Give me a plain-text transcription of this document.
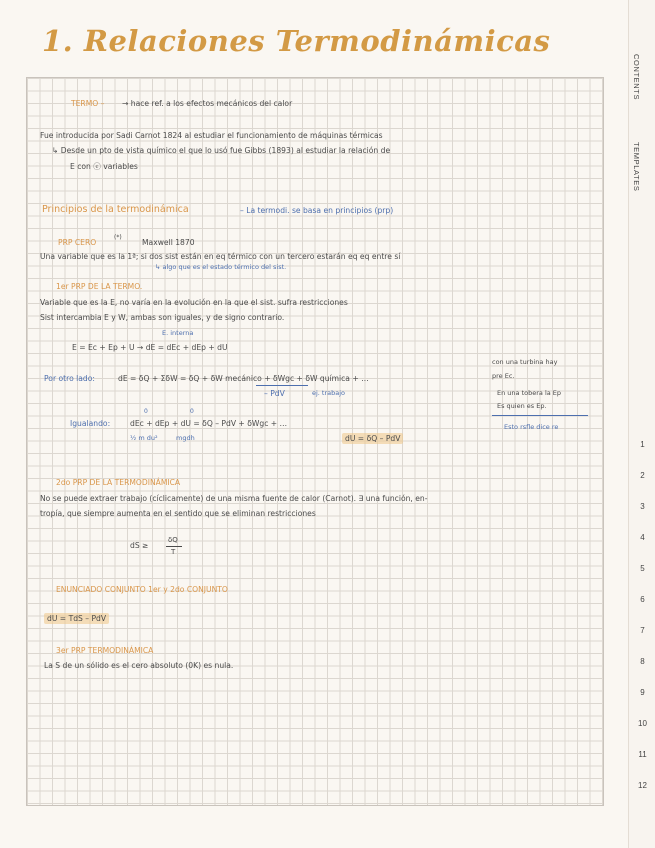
1. Relaciones Termodinámicas
TERMO – → hace ref. a los efectos mecánicos del calor
Fue introducida por Sadi Carnot 1824 al estudiar el funcionamiento de máquinas térmicas
↳ Desde un pto de vista químico el que lo usó fue Gibbs (1893) al estudiar la relación de
E con ⓔ variables
Principios de la termodinámica	– La termodi. se basa en principios (prp)
PRP CERO
(*)
Maxwell 1870
Una variable que es la 1ª; si dos sist están en eq térmico con un tercero estarán eq eq entre sí
↳ algo que es el estado térmico del sist.
1er PRP DE LA TERMO.
Variable que es la E, no varía en la evolución en la que el sist. sufra restricciones
Sist intercambia E y W, ambas son iguales, y de signo contrario.
E. interna
E = Ec + Ep + U → dE = dEc + dEp + dU
Por otro lado:	dE = δQ + ΣδW = δQ + δW mecánico + δWgc + δW química + …
– PdV	ej. trabajo
con una turbina hay
pre Ec.
En una tobera la Ep
Es quien es Ep.
Esto rsfle dice re
Igualando:
0	0
dEc + dEp + dU = δQ – PdV + δWgc + …
½ m du²	mgdh	dU = δQ – PdV
2do PRP DE LA TERMODINÁMICA
No se puede extraer trabajo (cíclicamente) de una misma fuente de calor (Carnot). ∃ una función, en-
tropía, que siempre aumenta en el sentido que se eliminan restricciones
dS ≥
δQ
T
ENUNCIADO CONJUNTO 1er y 2do CONJUNTO
dU = TdS – PdV
3er PRP TERMODINÁMICA
La S de un sólido es el cero absoluto (0K) es nula.
CONTENTS
TEMPLATES
1
2
3
4
5
6
7
8
9
10
11
12
